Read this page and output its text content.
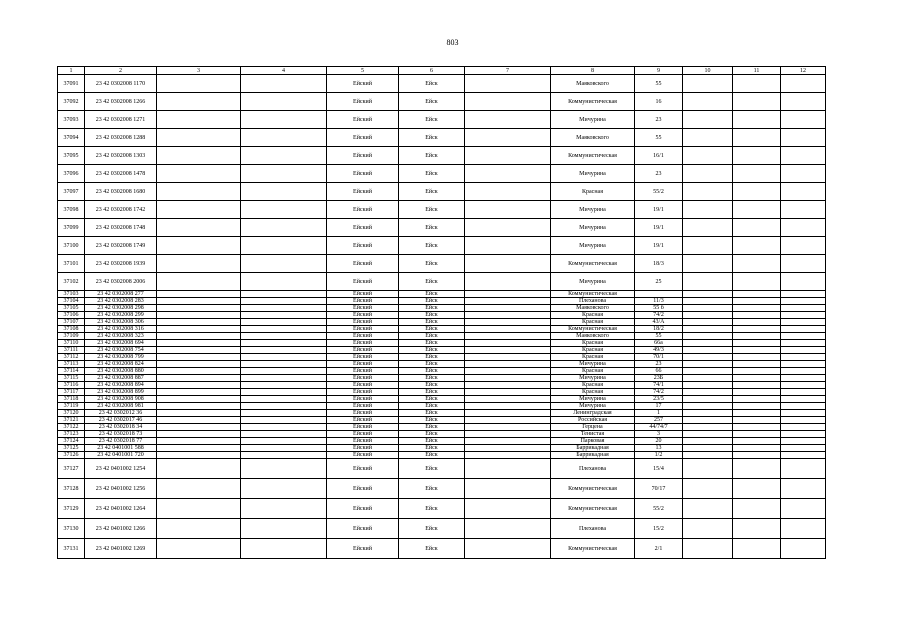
803
1	2	3	4	5	6	7	8	9	10	11	12
37091	23 42 0302008 1170			Ейский	Ейск		Маяковского	55			
37092	23 42 0302008 1266			Ейский	Ейск		Коммунистическая	16			
37093	23 42 0302008 1271			Ейский	Ейск		Мичурина	23			
37094	23 42 0302008 1288			Ейский	Ейск		Маяковского	55			
37095	23 42 0302008 1303			Ейский	Ейск		Коммунистическая	16/1			
37096	23 42 0302008 1478			Ейский	Ейск		Мичурина	23			
37097	23 42 0302008 1680			Ейский	Ейск		Красная	55/2			
37098	23 42 0302008 1742			Ейский	Ейск		Мичурина	19/1			
37099	23 42 0302008 1748			Ейский	Ейск		Мичурина	19/1			
37100	23 42 0302008 1749			Ейский	Ейск		Мичурина	19/1			
37101	23 42 0302008 1939			Ейский	Ейск		Коммунистическая	18/3			
37102	23 42 0302008 2006			Ейский	Ейск		Мичурина	25			
37103	23 42 0302008 277			Ейский	Ейск		Коммунистическая				
37104	23 42 0302008 283			Ейский	Ейск		Плеханова	11/3			
37105	23 42 0302008 298			Ейский	Ейск		Маяковского	55 б			
37106	23 42 0302008 299			Ейский	Ейск		Красная	74/2			
37107	23 42 0302008 306			Ейский	Ейск		Красная	43/А			
37108	23 42 0302008 316			Ейский	Ейск		Коммунистическая	18/2			
37109	23 42 0302008 323			Ейский	Ейск		Маяковского	55			
37110	23 42 0302008 694			Ейский	Ейск		Красная	66а			
37111	23 42 0302008 754			Ейский	Ейск		Красная	49/3			
37112	23 42 0302008 799			Ейский	Ейск		Красная	70/1			
37113	23 42 0302008 824			Ейский	Ейск		Мичурина	23			
37114	23 42 0302008 880			Ейский	Ейск		Красная	66			
37115	23 42 0302008 887			Ейский	Ейск		Мичурина	23Б			
37116	23 42 0302008 894			Ейский	Ейск		Красная	74/1			
37117	23 42 0302008 899			Ейский	Ейск		Красная	74/2			
37118	23 42 0302008 908			Ейский	Ейск		Мичурина	23/5			
37119	23 42 0302008 981			Ейский	Ейск		Мичурина	17			
37120	23 42 0302012 36			Ейский	Ейск		Ленинградская	1			
37121	23 42 0302017 46			Ейский	Ейск		Российская	257			
37122	23 42 0302018 34			Ейский	Ейск		Герцена	44/74/7			
37123	23 42 0302018 73			Ейский	Ейск		Тенистая	3			
37124	23 42 0302018 77			Ейский	Ейск		Парковая	20			
37125	23 42 0401001 588			Ейский	Ейск		Баррикадная	13			
37126	23 42 0401001 720			Ейский	Ейск		Баррикадная	1/2			
37127	23 42 0401002 1254			Ейский	Ейск		Плеханова	15/4			
37128	23 42 0401002 1256			Ейский	Ейск		Коммунистическая	70/17			
37129	23 42 0401002 1264			Ейский	Ейск		Коммунистическая	55/2			
37130	23 42 0401002 1266			Ейский	Ейск		Плеханова	15/2			
37131	23 42 0401002 1269			Ейский	Ейск		Коммунистическая	2/1			
